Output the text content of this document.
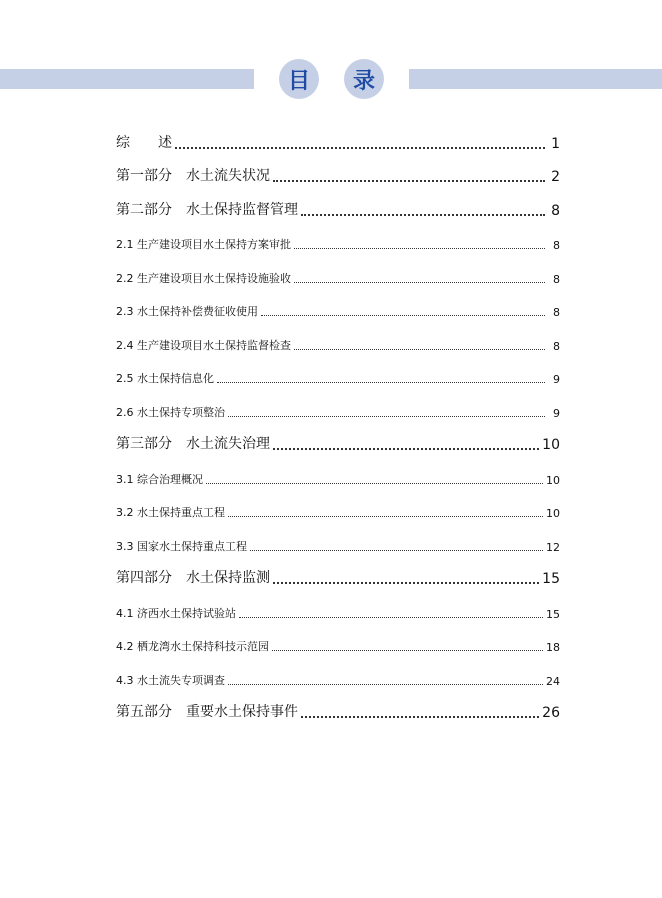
目	录
综　　述	1
第一部分　水土流失状况	2
第二部分　水土保持监督管理	8
2.1 生产建设项目水土保持方案审批	8
2.2 生产建设项目水土保持设施验收	8
2.3 水土保持补偿费征收使用	8
2.4 生产建设项目水土保持监督检查	8
2.5 水土保持信息化	9
2.6 水土保持专项整治	9
第三部分　水土流失治理	10
3.1 综合治理概况	10
3.2 水土保持重点工程	10
3.3 国家水土保持重点工程	12
第四部分　水土保持监测	15
4.1 济西水土保持试验站	15
4.2 栖龙湾水土保持科技示范园	18
4.3 水土流失专项调查	24
第五部分　重要水土保持事件	26
